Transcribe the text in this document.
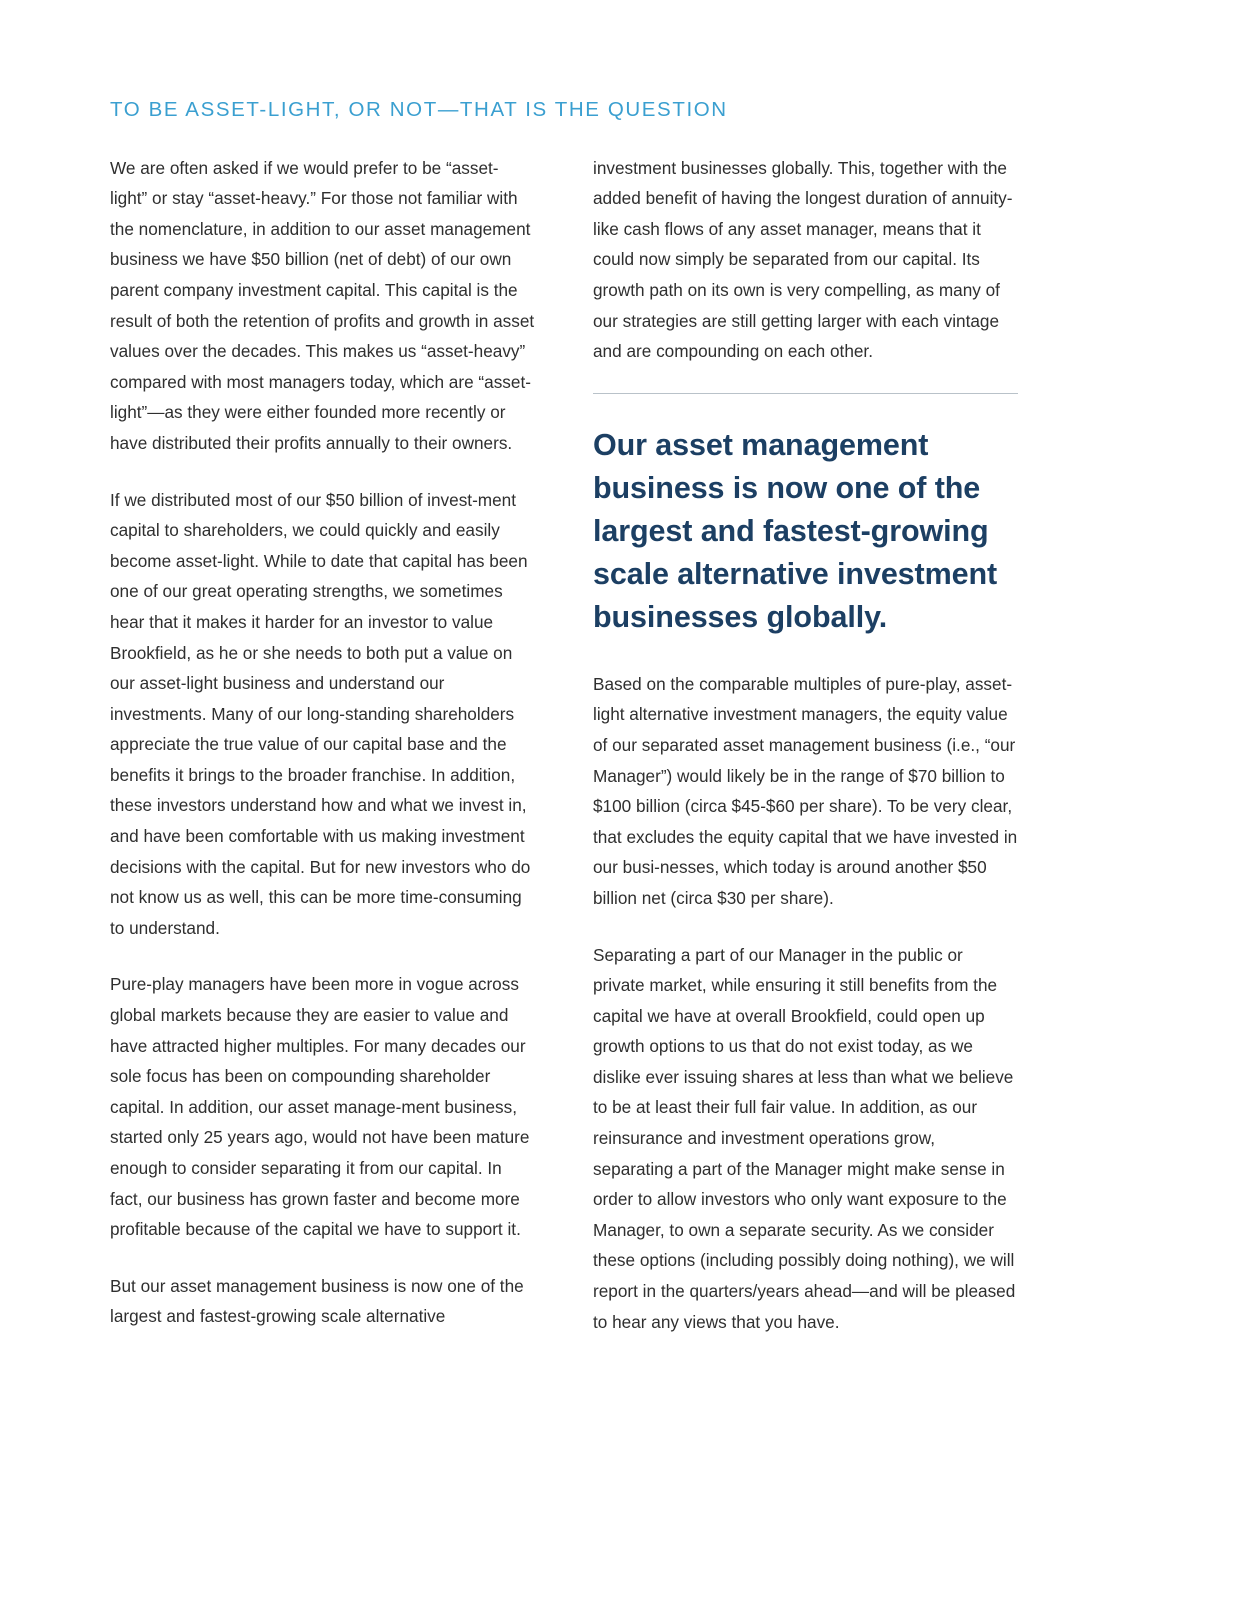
TO BE ASSET-LIGHT, OR NOT—THAT IS THE QUESTION

We are often asked if we would prefer to be “asset-light” or stay “asset-heavy.” For those not familiar with the nomenclature, in addition to our asset management business we have $50 billion (net of debt) of our own parent company investment capital. This capital is the result of both the retention of profits and growth in asset values over the decades. This makes us “asset-heavy” compared with most managers today, which are “asset-light”—as they were either founded more recently or have distributed their profits annually to their owners.

If we distributed most of our $50 billion of invest-ment capital to shareholders, we could quickly and easily become asset-light. While to date that capital has been one of our great operating strengths, we sometimes hear that it makes it harder for an investor to value Brookfield, as he or she needs to both put a value on our asset-light business and understand our investments. Many of our long-standing shareholders appreciate the true value of our capital base and the benefits it brings to the broader franchise. In addition, these investors understand how and what we invest in, and have been comfortable with us making investment decisions with the capital. But for new investors who do not know us as well, this can be more time-consuming to understand.

Pure-play managers have been more in vogue across global markets because they are easier to value and have attracted higher multiples. For many decades our sole focus has been on compounding shareholder capital. In addition, our asset manage-ment business, started only 25 years ago, would not have been mature enough to consider separating it from our capital. In fact, our business has grown faster and become more profitable because of the capital we have to support it.

But our asset management business is now one of the largest and fastest-growing scale alternative

investment businesses globally. This, together with the added benefit of having the longest duration of annuity-like cash flows of any asset manager, means that it could now simply be separated from our capital. Its growth path on its own is very compelling, as many of our strategies are still getting larger with each vintage and are compounding on each other.

Our asset management business is now one of the largest and fastest-growing scale alternative investment businesses globally.

Based on the comparable multiples of pure-play, asset-light alternative investment managers, the equity value of our separated asset management business (i.e., “our Manager”) would likely be in the range of $70 billion to $100 billion (circa $45-$60 per share). To be very clear, that excludes the equity capital that we have invested in our busi-nesses, which today is around another $50 billion net (circa $30 per share).

Separating a part of our Manager in the public or private market, while ensuring it still benefits from the capital we have at overall Brookfield, could open up growth options to us that do not exist today, as we dislike ever issuing shares at less than what we believe to be at least their full fair value. In addition, as our reinsurance and investment operations grow, separating a part of the Manager might make sense in order to allow investors who only want exposure to the Manager, to own a separate security. As we consider these options (including possibly doing nothing), we will report in the quarters/years ahead—and will be pleased to hear any views that you have.
